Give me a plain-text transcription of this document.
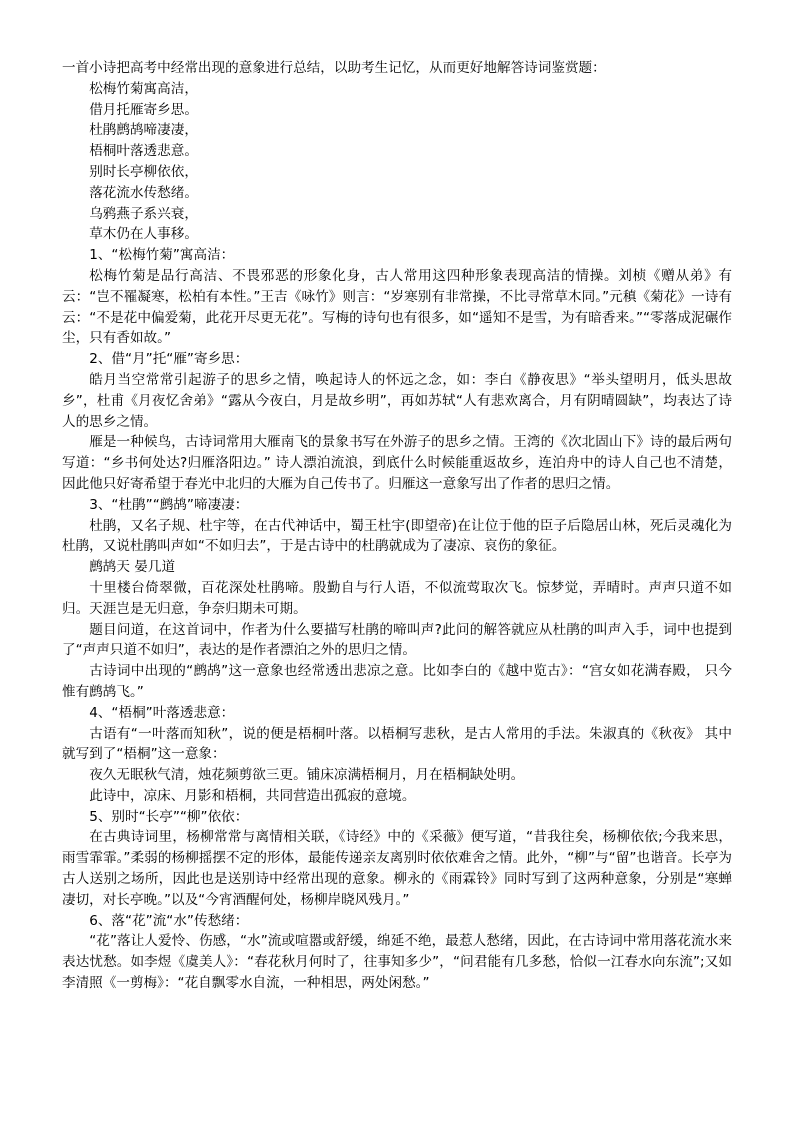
一首小诗把高考中经常出现的意象进行总结，以助考生记忆，从而更好地解答诗词鉴赏题：

松梅竹菊寓高洁，

借月托雁寄乡思。

杜鹃鹧鸪啼凄凄，

梧桐叶落透悲意。

别时长亭柳依依，

落花流水传愁绪。

乌鸦燕子系兴衰，

草木仍在人事移。

1、“松梅竹菊”寓高洁：

松梅竹菊是品行高洁、不畏邪恶的形象化身，古人常用这四种形象表现高洁的情操。刘桢《赠从弟》有云：“岂不罹凝寒，松柏有本性。”王吉《咏竹》则言：“岁寒别有非常操，不比寻常草木同。”元稹《菊花》一诗有云：“不是花中偏爱菊，此花开尽更无花”。写梅的诗句也有很多，如“遥知不是雪，为有暗香来。”“零落成泥碾作尘，只有香如故。”

2、借“月”托“雁”寄乡思：

皓月当空常常引起游子的思乡之情，唤起诗人的怀远之念，如：李白《静夜思》“举头望明月，低头思故乡”，杜甫《月夜忆舍弟》“露从今夜白，月是故乡明”，再如苏轼“人有悲欢离合，月有阴晴圆缺”，均表达了诗人的思乡之情。

雁是一种候鸟，古诗词常用大雁南飞的景象书写在外游子的思乡之情。王湾的《次北固山下》诗的最后两句写道：“乡书何处达?归雁洛阳边。” 诗人漂泊流浪，到底什么时候能重返故乡，连泊舟中的诗人自己也不清楚，因此他只好寄希望于春光中北归的大雁为自己传书了。归雁这一意象写出了作者的思归之情。

3、“杜鹃”“鹧鸪”啼凄凄：

杜鹃，又名子规、杜宇等，在古代神话中，蜀王杜宇(即望帝)在让位于他的臣子后隐居山林，死后灵魂化为杜鹃，又说杜鹃叫声如“不如归去”，于是古诗中的杜鹃就成为了凄凉、哀伤的象征。

鹧鸪天 晏几道

十里楼台倚翠微，百花深处杜鹃啼。殷勤自与行人语，不似流莺取次飞。惊梦觉，弄晴时。声声只道不如归。天涯岂是无归意，争奈归期未可期。

题目问道，在这首词中，作者为什么要描写杜鹃的啼叫声?此问的解答就应从杜鹃的叫声入手，词中也提到了“声声只道不如归”，表达的是作者漂泊之外的思归之情。

古诗词中出现的“鹧鸪”这一意象也经常透出悲凉之意。比如李白的《越中览古》：“宫女如花满春殿， 只今惟有鹧鸪飞。”

4、“梧桐”叶落透悲意：

古语有“一叶落而知秋”，说的便是梧桐叶落。以梧桐写悲秋，是古人常用的手法。朱淑真的《秋夜》 其中就写到了“梧桐”这一意象：

夜久无眠秋气清，烛花频剪欲三更。铺床凉满梧桐月，月在梧桐缺处明。

此诗中，凉床、月影和梧桐，共同营造出孤寂的意境。

5、别时“长亭”“柳”依依：

在古典诗词里，杨柳常常与离情相关联，《诗经》中的《采薇》便写道，“昔我往矣，杨柳依依;今我来思，雨雪霏霏。”柔弱的杨柳摇摆不定的形体，最能传递亲友离别时依依难舍之情。此外，“柳”与“留”也谐音。长亭为古人送别之场所，因此也是送别诗中经常出现的意象。柳永的《雨霖铃》同时写到了这两种意象，分别是“寒蝉凄切，对长亭晚。”以及“今宵酒醒何处，杨柳岸晓风残月。”

6、落“花”流“水”传愁绪：

“花”落让人爱怜、伤感，“水”流或喧嚣或舒缓，绵延不绝，最惹人愁绪，因此，在古诗词中常用落花流水来表达忧愁。如李煜《虞美人》：“春花秋月何时了，往事知多少”，“问君能有几多愁，恰似一江春水向东流”;又如李清照《一剪梅》：“花自飘零水自流，一种相思，两处闲愁。”
